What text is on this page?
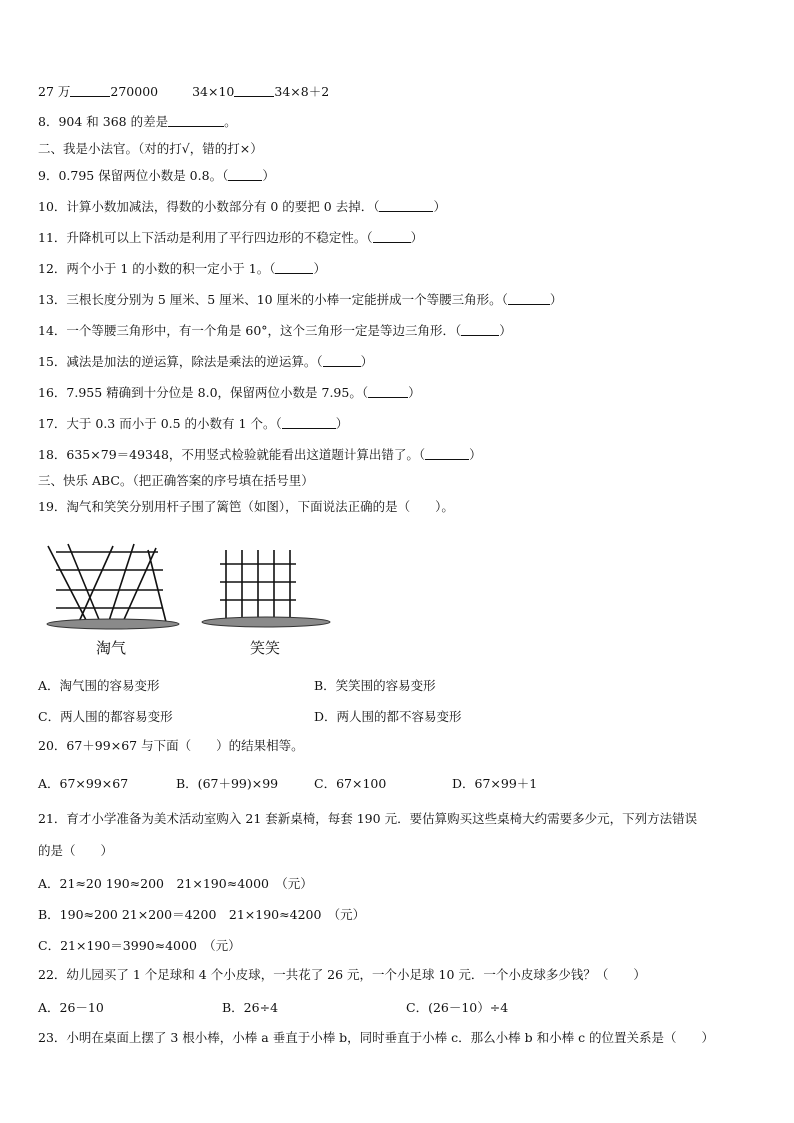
27 万	270000	34×10	34×8＋2
8．904 和 368 的差是	。
二、我是小法官。（对的打√，错的打×）
9．0.795 保留两位小数是 0.8。（	）
10．计算小数加减法，得数的小数部分有 0 的要把 0 去掉．（	）
11．升降机可以上下活动是利用了平行四边形的不稳定性。（	）
12．两个小于 1 的小数的积一定小于 1。（	）
13．三根长度分别为 5 厘米、5 厘米、10 厘米的小棒一定能拼成一个等腰三角形。（	）
14．一个等腰三角形中，有一个角是 60°，这个三角形一定是等边三角形．（	）
15．减法是加法的逆运算，除法是乘法的逆运算。（	）
16．7.955 精确到十分位是 8.0，保留两位小数是 7.95。（	）
17．大于 0.3 而小于 0.5 的小数有 1 个。（	）
18．635×79＝49348，不用竖式检验就能看出这道题计算出错了。（	）
三、快乐 ABC。（把正确答案的序号填在括号里）
19．淘气和笑笑分别用杆子围了篱笆（如图），下面说法正确的是（　　）。
淘气	笑笑
A．淘气围的容易变形	B．笑笑围的容易变形
C．两人围的都容易变形	D．两人围的都不容易变形
20．67＋99×67 与下面（　　）的结果相等。
A．67×99×67	B．(67＋99)×99	C．67×100	D．67×99＋1
21．育才小学准备为美术活动室购入 21 套新桌椅，每套 190 元．要估算购买这些桌椅大约需要多少元，下列方法错误
的是（　　）
A．21≈20 190≈200　21×190≈4000　（元）
B．190≈200 21×200＝4200　21×190≈4200　（元）
C．21×190＝3990≈4000　（元）
22．幼儿园买了 1 个足球和 4 个小皮球，一共花了 26 元，一个小足球 10 元．一个小皮球多少钱？（　　）
A．26－10	B．26÷4	C．(26－10）÷4
23．小明在桌面上摆了 3 根小棒，小棒 a 垂直于小棒 b，同时垂直于小棒 c．那么小棒 b 和小棒 c 的位置关系是（　　）
